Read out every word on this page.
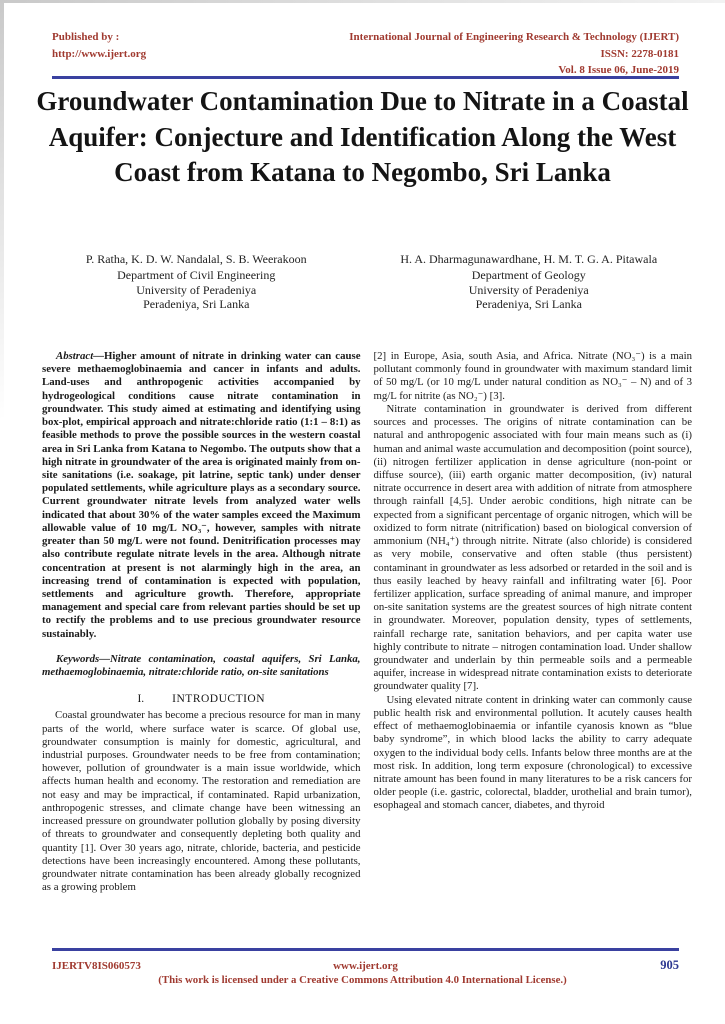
Published by :
http://www.ijert.org
International Journal of Engineering Research & Technology (IJERT)
ISSN: 2278-0181
Vol. 8 Issue 06, June-2019
Groundwater Contamination Due to Nitrate in a Coastal Aquifer: Conjecture and Identification Along the West Coast from Katana to Negombo, Sri Lanka
P. Ratha, K. D. W. Nandalal, S. B. Weerakoon
Department of Civil Engineering
University of Peradeniya
Peradeniya, Sri Lanka
H. A. Dharmagunawardhane, H. M. T. G. A. Pitawala
Department of Geology
University of Peradeniya
Peradeniya, Sri Lanka

Abstract—Higher amount of nitrate in drinking water can cause severe methaemoglobinaemia and cancer in infants and adults. Land-uses and anthropogenic activities accompanied by hydrogeological conditions cause nitrate contamination in groundwater. This study aimed at estimating and identifying using box-plot, empirical approach and nitrate:chloride ratio (1:1 – 8:1) as feasible methods to prove the possible sources in the western coastal area in Sri Lanka from Katana to Negombo. The outputs show that a high nitrate in groundwater of the area is originated mainly from on-site sanitations (i.e. soakage, pit latrine, septic tank) under denser populated settlements, while agriculture plays as a secondary source. Current groundwater nitrate levels from analyzed water wells indicated that about 30% of the water samples exceed the Maximum allowable value of 10 mg/L NO₃⁻, however, samples with nitrate greater than 50 mg/L were not found. Denitrification processes may also contribute regulate nitrate levels in the area. Although nitrate concentration at present is not alarmingly high in the area, an increasing trend of contamination is expected with population, settlements and agriculture growth. Therefore, appropriate management and special care from relevant parties should be set up to rectify the problems and to use precious groundwater resource sustainably.

Keywords—Nitrate contamination, coastal aquifers, Sri Lanka, methaemoglobinaemia, nitrate:chloride ratio, on-site sanitations

I. INTRODUCTION

Coastal groundwater has become a precious resource for man in many parts of the world, where surface water is scarce. Of global use, groundwater consumption is mainly for domestic, agricultural, and industrial purposes. Groundwater needs to be free from contamination; however, pollution of groundwater is a main issue worldwide, which affects human health and economy. The restoration and remediation are not easy and may be impractical, if contaminated. Rapid urbanization, anthropogenic stresses, and climate change have been witnessing an increased pressure on groundwater pollution globally by posing diversity of threats to groundwater and consequently depleting both quality and quantity [1]. Over 30 years ago, nitrate, chloride, bacteria, and pesticide detections have been increasingly encountered. Among these pollutants, groundwater nitrate contamination has been already globally recognized as a growing problem

[2] in Europe, Asia, south Asia, and Africa. Nitrate (NO₃⁻) is a main pollutant commonly found in groundwater with maximum standard limit of 50 mg/L (or 10 mg/L under natural condition as NO₃⁻ – N) and of 3 mg/L for nitrite (as NO₂⁻) [3].

Nitrate contamination in groundwater is derived from different sources and processes. The origins of nitrate contamination can be natural and anthropogenic associated with four main means such as (i) human and animal waste accumulation and decomposition (point source), (ii) nitrogen fertilizer application in dense agriculture (non-point or diffuse source), (iii) earth organic matter decomposition, (iv) natural nitrate occurrence in desert area with addition of nitrate from atmosphere through rainfall [4,5]. Under aerobic conditions, high nitrate can be expected from a significant percentage of organic nitrogen, which will be oxidized to form nitrate (nitrification) based on biological conversion of ammonium (NH₄⁺) through nitrite. Nitrate (also chloride) is considered as very mobile, conservative and often stable (thus persistent) contaminant in groundwater as less adsorbed or retarded in the soil and is thus easily leached by heavy rainfall and infiltrating water [6]. Poor fertilizer application, surface spreading of animal manure, and improper on-site sanitation systems are the greatest sources of high nitrate content in groundwater. Moreover, population density, types of settlements, rainfall recharge rate, sanitation behaviors, and per capita water use highly contribute to nitrate – nitrogen contamination load. Under shallow groundwater and underlain by thin permeable soils and a permeable aquifer, increase in widespread nitrate contamination exists to deteriorate groundwater quality [7].

Using elevated nitrate content in drinking water can commonly cause public health risk and environmental pollution. It acutely causes health effect of methaemoglobinaemia or infantile cyanosis known as “blue baby syndrome”, in which blood lacks the ability to carry adequate oxygen to the individual body cells. Infants below three months are at the most risk. In addition, long term exposure (chronological) to excessive nitrate amount has been found in many literatures to be a risk cancers for older people (i.e. gastric, colorectal, bladder, urothelial and brain tumor), esophageal and stomach cancer, diabetes, and thyroid

IJERTV8IS060573	www.ijert.org	905
(This work is licensed under a Creative Commons Attribution 4.0 International License.)
